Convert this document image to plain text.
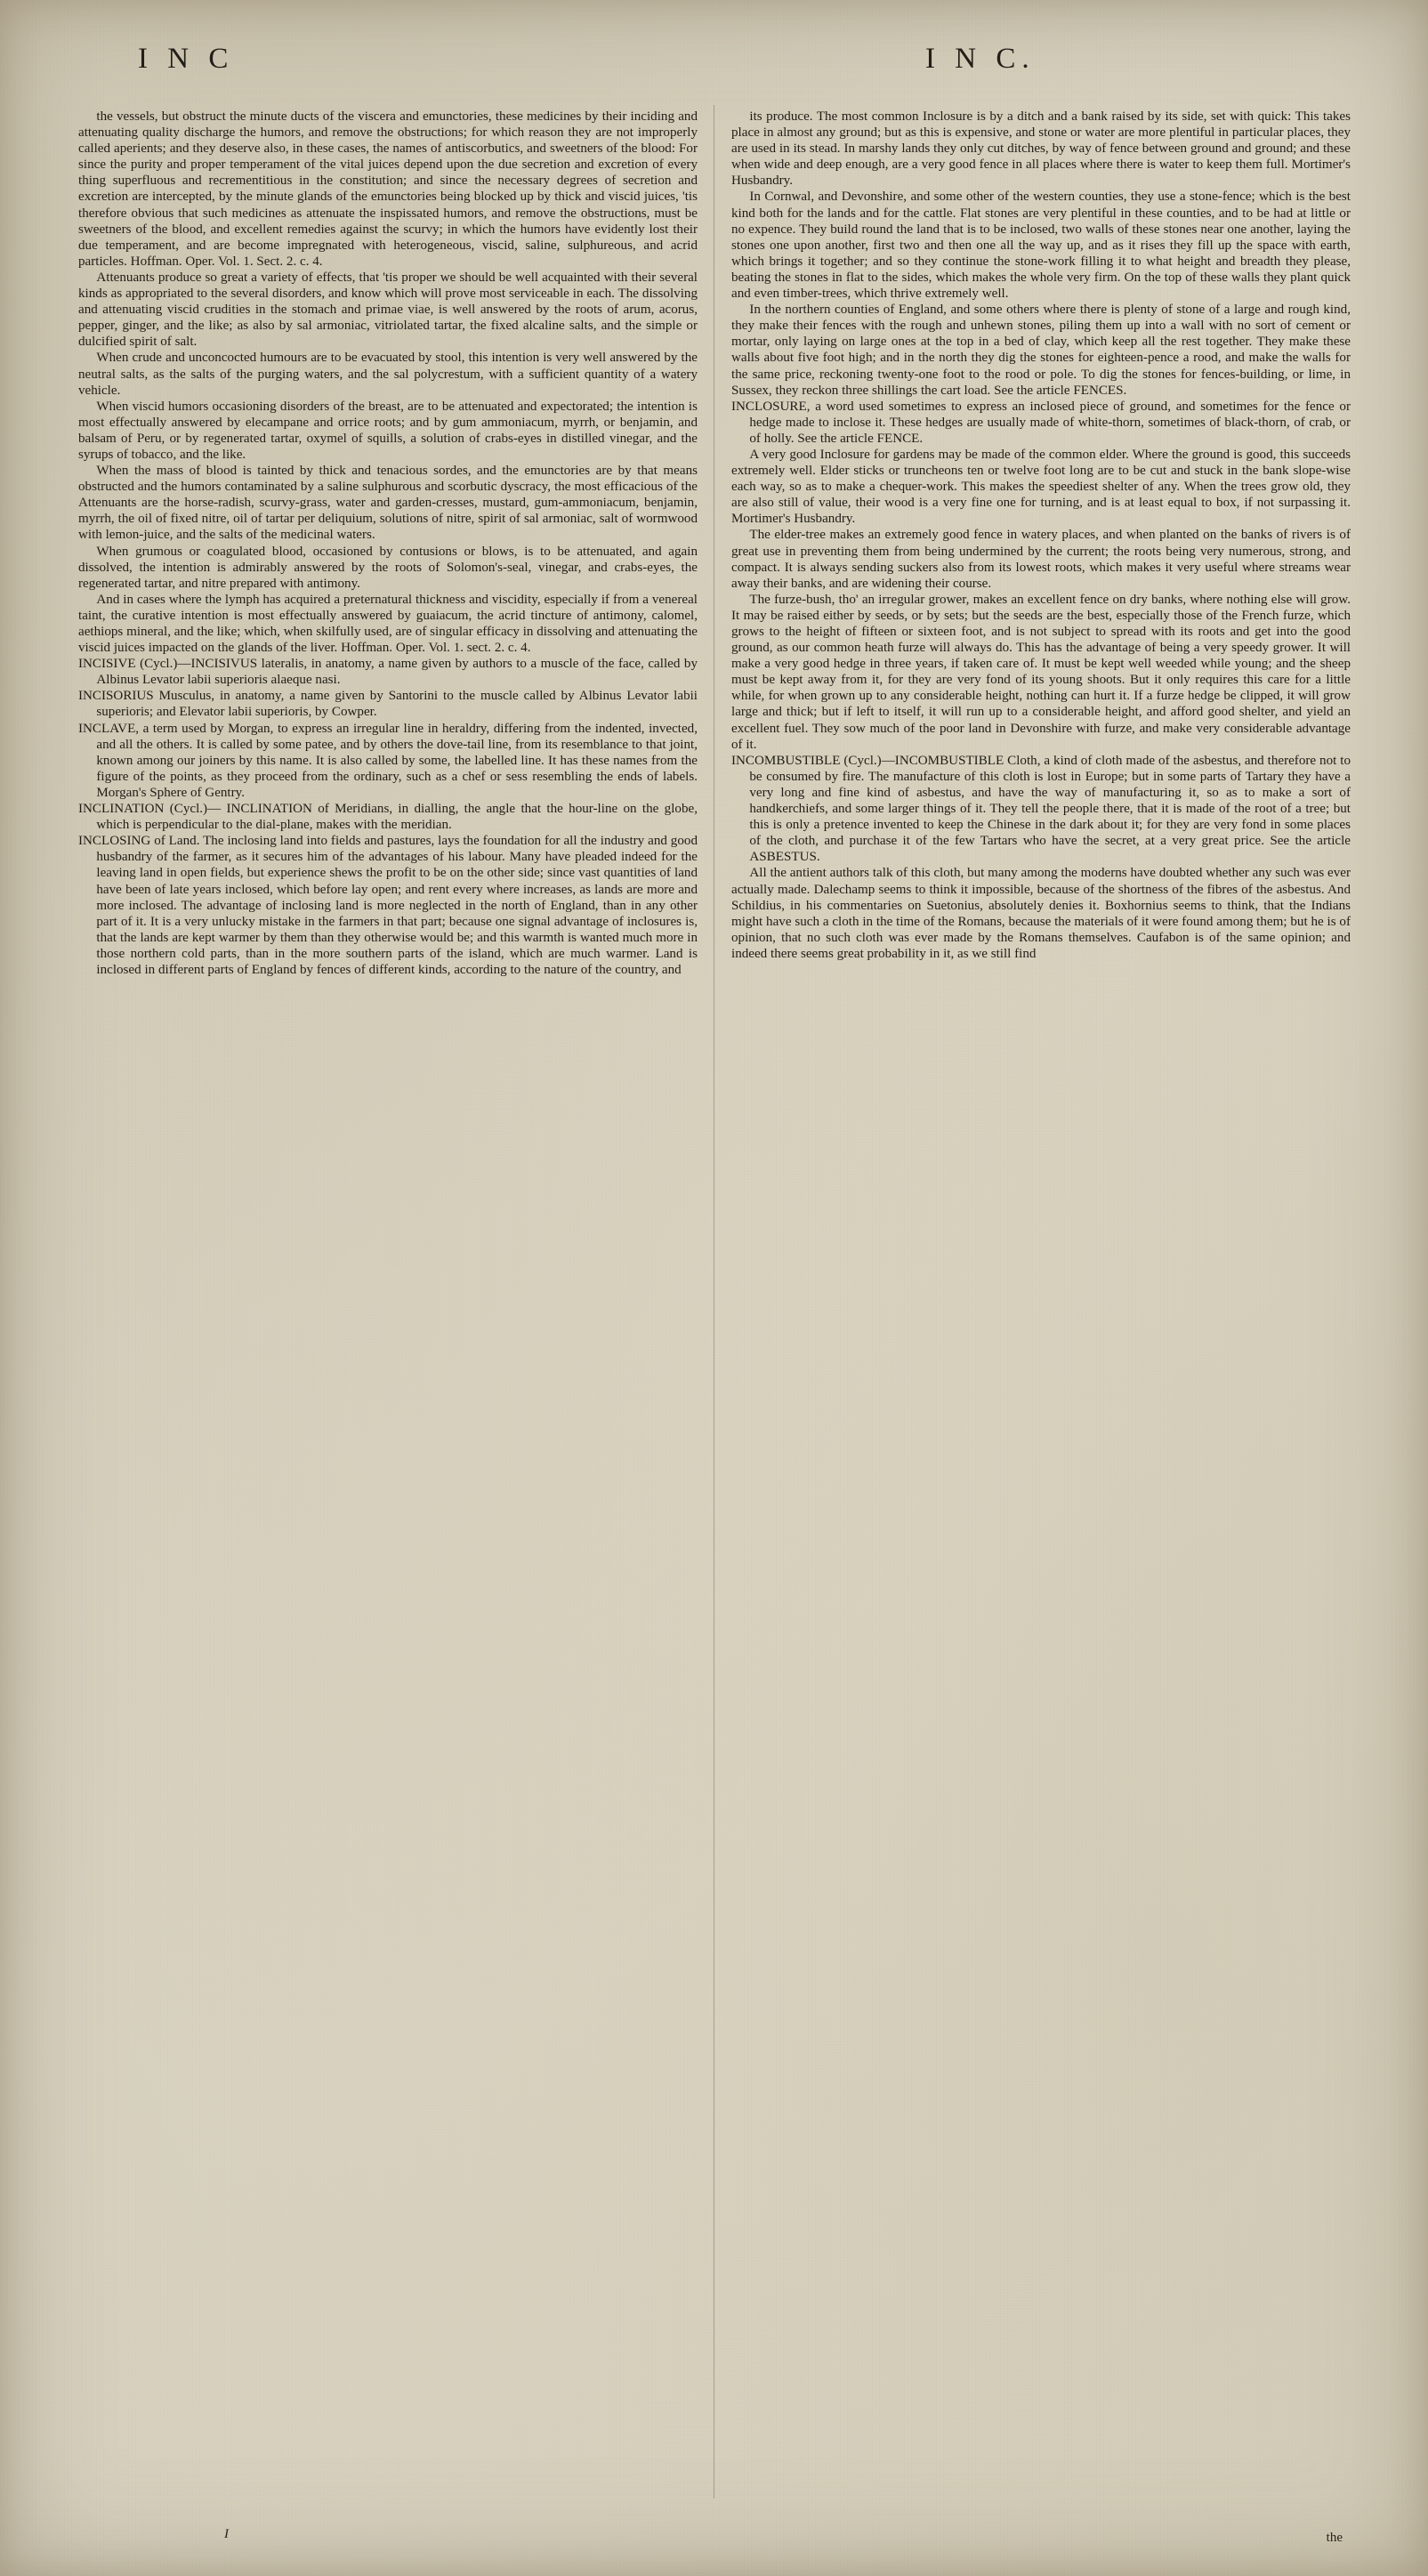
I N C	I N C.

the vessels, but obstruct the minute ducts of the viscera and emunctories, these medicines by their inciding and attenuating quality discharge the humors, and remove the obstructions; for which reason they are not improperly called aperients; and they deserve also, in these cases, the names of antiscorbutics, and sweetners of the blood: For since the purity and proper temperament of the vital juices depend upon the due secretion and excretion of every thing superfluous and recrementitious in the constitution; and since the necessary degrees of secretion and excretion are intercepted, by the minute glands of the emunctories being blocked up by thick and viscid juices, 'tis therefore obvious that such medicines as attenuate the inspissated humors, and remove the obstructions, must be sweetners of the blood, and excellent remedies against the scurvy; in which the humors have evidently lost their due temperament, and are become impregnated with heterogeneous, viscid, saline, sulphureous, and acrid particles. Hoffman. Oper. Vol. 1. Sect. 2. c. 4.

Attenuants produce so great a variety of effects, that 'tis proper we should be well acquainted with their several kinds as appropriated to the several disorders, and know which will prove most serviceable in each. The dissolving and attenuating viscid crudities in the stomach and primae viae, is well answered by the roots of arum, acorus, pepper, ginger, and the like; as also by sal armoniac, vitriolated tartar, the fixed alcaline salts, and the simple or dulcified spirit of salt.

When crude and unconcocted humours are to be evacuated by stool, this intention is very well answered by the neutral salts, as the salts of the purging waters, and the sal polycrestum, with a sufficient quantity of a watery vehicle.

When viscid humors occasioning disorders of the breast, are to be attenuated and expectorated; the intention is most effectually answered by elecampane and orrice roots; and by gum ammoniacum, myrrh, or benjamin, and balsam of Peru, or by regenerated tartar, oxymel of squills, a solution of crabs-eyes in distilled vinegar, and the syrups of tobacco, and the like.

When the mass of blood is tainted by thick and tenacious sordes, and the emunctories are by that means obstructed and the humors contaminated by a saline sulphurous and scorbutic dyscracy, the most efficacious of the Attenuants are the horse-radish, scurvy-grass, water and garden-cresses, mustard, gum-ammoniacum, benjamin, myrrh, the oil of fixed nitre, oil of tartar per deliquium, solutions of nitre, spirit of sal armoniac, salt of wormwood with lemon-juice, and the salts of the medicinal waters.

When grumous or coagulated blood, occasioned by contusions or blows, is to be attenuated, and again dissolved, the intention is admirably answered by the roots of Solomon's-seal, vinegar, and crabs-eyes, the regenerated tartar, and nitre prepared with antimony.

And in cases where the lymph has acquired a preternatural thickness and viscidity, especially if from a venereal taint, the curative intention is most effectually answered by guaiacum, the acrid tincture of antimony, calomel, aethiops mineral, and the like; which, when skilfully used, are of singular efficacy in dissolving and attenuating the viscid juices impacted on the glands of the liver. Hoffman. Oper. Vol. 1. sect. 2. c. 4.

INCISIVE (Cycl.)—INCISIVUS lateralis, in anatomy, a name given by authors to a muscle of the face, called by Albinus Levator labii superioris alaeque nasi.

INCISORIUS Musculus, in anatomy, a name given by Santorini to the muscle called by Albinus Levator labii superioris; and Elevator labii superioris, by Cowper.

INCLAVE, a term used by Morgan, to express an irregular line in heraldry, differing from the indented, invected, and all the others. It is called by some patee, and by others the dove-tail line, from its resemblance to that joint, known among our joiners by this name. It is also called by some, the labelled line. It has these names from the figure of the points, as they proceed from the ordinary, such as a chef or sess resembling the ends of labels. Morgan's Sphere of Gentry.

INCLINATION (Cycl.)— INCLINATION of Meridians, in dialling, the angle that the hour-line on the globe, which is perpendicular to the dial-plane, makes with the meridian.

INCLOSING of Land. The inclosing land into fields and pastures, lays the foundation for all the industry and good husbandry of the farmer, as it secures him of the advantages of his labour. Many have pleaded indeed for the leaving land in open fields, but experience shews the profit to be on the other side; since vast quantities of land have been of late years inclosed, which before lay open; and rent every where increases, as lands are more and more inclosed. The advantage of inclosing land is more neglected in the north of England, than in any other part of it. It is a very unlucky mistake in the farmers in that part; because one signal advantage of inclosures is, that the lands are kept warmer by them than they otherwise would be; and this warmth is wanted much more in those northern cold parts, than in the more southern parts of the island, which are much warmer. Land is inclosed in different parts of England by fences of different kinds, according to the nature of the country, and

its produce. The most common Inclosure is by a ditch and a bank raised by its side, set with quick: This takes place in almost any ground; but as this is expensive, and stone or water are more plentiful in particular places, they are used in its stead. In marshy lands they only cut ditches, by way of fence between ground and ground; and these when wide and deep enough, are a very good fence in all places where there is water to keep them full. Mortimer's Husbandry.

In Cornwal, and Devonshire, and some other of the western counties, they use a stone-fence; which is the best kind both for the lands and for the cattle. Flat stones are very plentiful in these counties, and to be had at little or no expence. They build round the land that is to be inclosed, two walls of these stones near one another, laying the stones one upon another, first two and then one all the way up, and as it rises they fill up the space with earth, which brings it together; and so they continue the stone-work filling it to what height and breadth they please, beating the stones in flat to the sides, which makes the whole very firm. On the top of these walls they plant quick and even timber-trees, which thrive extremely well.

In the northern counties of England, and some others where there is plenty of stone of a large and rough kind, they make their fences with the rough and unhewn stones, piling them up into a wall with no sort of cement or mortar, only laying on large ones at the top in a bed of clay, which keep all the rest together. They make these walls about five foot high; and in the north they dig the stones for eighteen-pence a rood, and make the walls for the same price, reckoning twenty-one foot to the rood or pole. To dig the stones for fences-building, or lime, in Sussex, they reckon three shillings the cart load. See the article FENCES.

INCLOSURE, a word used sometimes to express an inclosed piece of ground, and sometimes for the fence or hedge made to inclose it. These hedges are usually made of white-thorn, sometimes of black-thorn, of crab, or of holly. See the article FENCE.

A very good Inclosure for gardens may be made of the common elder. Where the ground is good, this succeeds extremely well. Elder sticks or truncheons ten or twelve foot long are to be cut and stuck in the bank slope-wise each way, so as to make a chequer-work. This makes the speediest shelter of any. When the trees grow old, they are also still of value, their wood is a very fine one for turning, and is at least equal to box, if not surpassing it. Mortimer's Husbandry.

The elder-tree makes an extremely good fence in watery places, and when planted on the banks of rivers is of great use in preventing them from being undermined by the current; the roots being very numerous, strong, and compact. It is always sending suckers also from its lowest roots, which makes it very useful where streams wear away their banks, and are widening their course.

The furze-bush, tho' an irregular grower, makes an excellent fence on dry banks, where nothing else will grow. It may be raised either by seeds, or by sets; but the seeds are the best, especially those of the French furze, which grows to the height of fifteen or sixteen foot, and is not subject to spread with its roots and get into the good ground, as our common heath furze will always do. This has the advantage of being a very speedy grower. It will make a very good hedge in three years, if taken care of. It must be kept well weeded while young; and the sheep must be kept away from it, for they are very fond of its young shoots. But it only requires this care for a little while, for when grown up to any considerable height, nothing can hurt it. If a furze hedge be clipped, it will grow large and thick; but if left to itself, it will run up to a considerable height, and afford good shelter, and yield an excellent fuel. They sow much of the poor land in Devonshire with furze, and make very considerable advantage of it.

INCOMBUSTIBLE (Cycl.)—INCOMBUSTIBLE Cloth, a kind of cloth made of the asbestus, and therefore not to be consumed by fire. The manufacture of this cloth is lost in Europe; but in some parts of Tartary they have a very long and fine kind of asbestus, and have the way of manufacturing it, so as to make a sort of handkerchiefs, and some larger things of it. They tell the people there, that it is made of the root of a tree; but this is only a pretence invented to keep the Chinese in the dark about it; for they are very fond in some places of the cloth, and purchase it of the few Tartars who have the secret, at a very great price. See the article ASBESTUS.

All the antient authors talk of this cloth, but many among the moderns have doubted whether any such was ever actually made. Dalechamp seems to think it impossible, because of the shortness of the fibres of the asbestus. And Schildius, in his commentaries on Suetonius, absolutely denies it. Boxhornius seems to think, that the Indians might have such a cloth in the time of the Romans, because the materials of it were found among them; but he is of opinion, that no such cloth was ever made by the Romans themselves. Caufabon is of the same opinion; and indeed there seems great probability in it, as we still find

I	the
